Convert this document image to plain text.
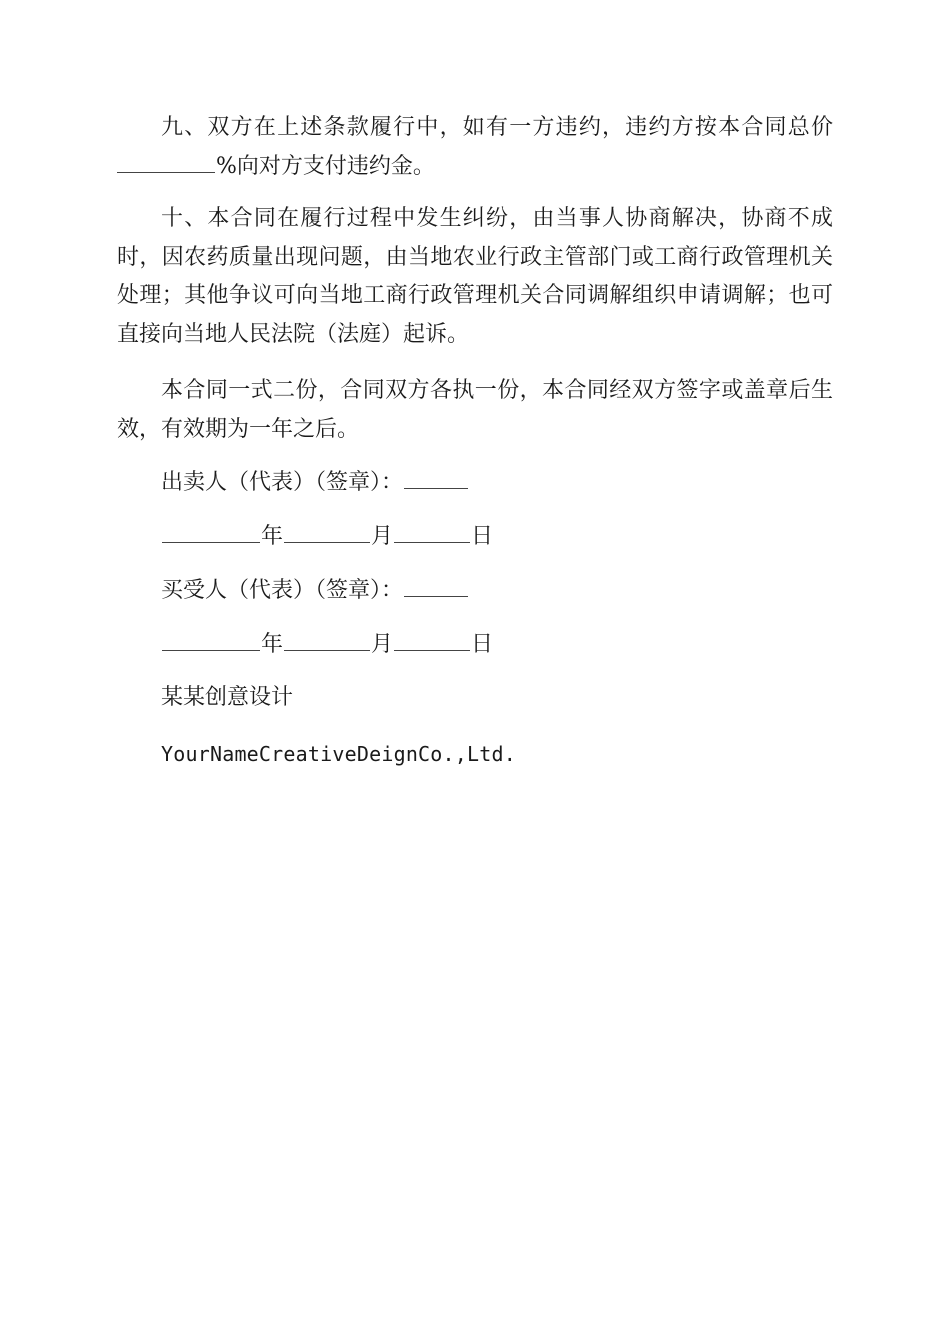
九、双方在上述条款履行中，如有一方违约，违约方按本合同总价%向对方支付违约金。

十、本合同在履行过程中发生纠纷，由当事人协商解决，协商不成时，因农药质量出现问题，由当地农业行政主管部门或工商行政管理机关处理；其他争议可向当地工商行政管理机关合同调解组织申请调解；也可直接向当地人民法院（法庭）起诉。

本合同一式二份，合同双方各执一份，本合同经双方签字或盖章后生效，有效期为一年之后。

出卖人（代表）（签章）：
年	月	日
买受人（代表）（签章）：
年	月	日
某某创意设计
YourNameCreativeDeignCo.,Ltd.
